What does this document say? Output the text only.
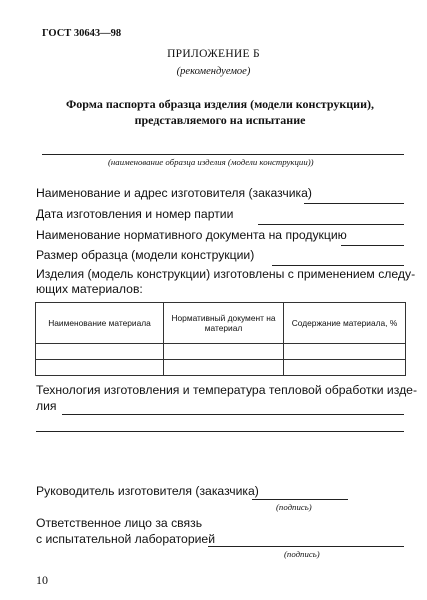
ГОСТ 30643—98
ПРИЛОЖЕНИЕ Б
(рекомендуемое)
Форма паспорта образца изделия (модели конструкции), представляемого на испытание
(наименование образца изделия (модели конструкции))
Наименование и адрес изготовителя (заказчика)
Дата изготовления и номер партии
Наименование нормативного документа на продукцию
Размер образца (модели конструкции)
Изделия (модель конструкции) изготовлены с применением следу-
ющих материалов:
Наименование материала	Нормативный документ на материал	Содержание материала, %

Технология изготовления и температура тепловой обработки изде-
лия
Руководитель изготовителя (заказчика)
(подпись)
Ответственное лицо за связь
с испытательной лабораторией
(подпись)
10
